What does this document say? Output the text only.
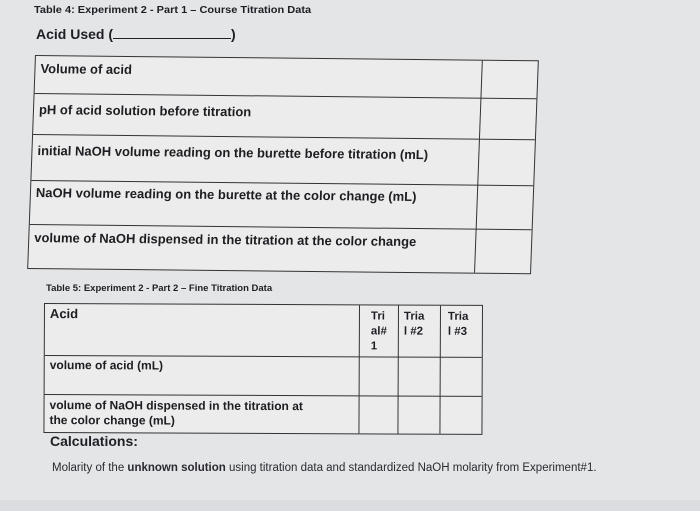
Table 4: Experiment 2 - Part 1 – Course Titration Data
Acid Used (	)
Volume of acid
pH of acid solution before titration
initial NaOH volume reading on the burette before titration (mL)
NaOH volume reading on the burette at the color change (mL)
volume of NaOH dispensed in the titration at the color change
Table 5: Experiment 2 - Part 2 – Fine Titration Data
Acid	Tri
al#
1
Tria
l #2
Tria
l #3
volume of acid (mL)
volume of NaOH dispensed in the titration at
the color change (mL)
Calculations:
Molarity of the unknown solution using titration data and standardized NaOH molarity from Experiment#1.
